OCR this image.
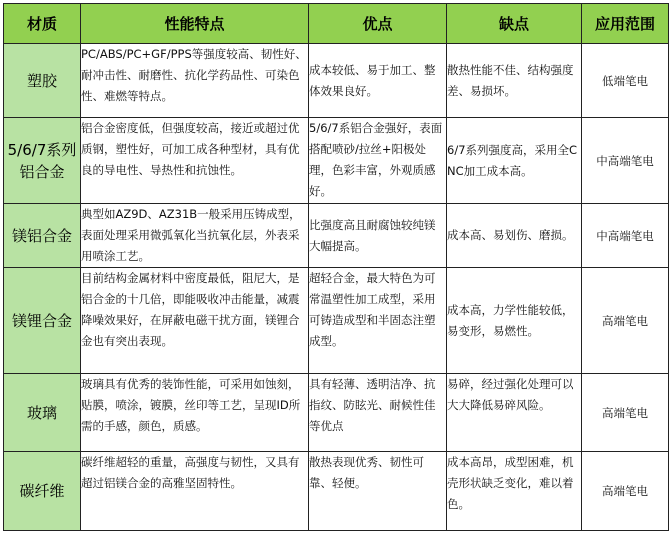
材质	性能特点	优点	缺点	应用范围
塑胶	PC/ABS/PC+GF/PPS等强度较高、韧性好、耐冲击性、耐磨性、抗化学药品性、可染色性、难燃等特点。	成本较低、易于加工、整体效果良好。	散热性能不佳、结构强度差、易损坏。	低端笔电
5/6/7系列铝合金	铝合金密度低，但强度较高，接近或超过优质钢，塑性好，可加工成各种型材，具有优良的导电性、导热性和抗蚀性。	5/6/7系铝合金强好，表面搭配喷砂/拉丝+阳极处理，色彩丰富，外观质感好。	6/7系列强度高，采用全CNC加工成本高。	中高端笔电
镁铝合金	典型如AZ9D、AZ31B一般采用压铸成型，表面处理采用微弧氧化当抗氧化层，外表采用喷涂工艺。	比强度高且耐腐蚀较纯镁大幅提高。	成本高、易划伤、磨损。	中高端笔电
镁锂合金	目前结构金属材料中密度最低，阻尼大，是铝合金的十几倍，即能吸收冲击能量，减震降噪效果好，在屏蔽电磁干扰方面，镁锂合金也有突出表现。	超轻合金，最大特色为可常温塑性加工成型，采用可铸造成型和半固态注塑成型。	成本高，力学性能较低，易变形，易燃性。	高端笔电
玻璃	玻璃具有优秀的装饰性能，可采用如蚀刻，贴膜，喷涂，镀膜，丝印等工艺，呈现ID所需的手感，颜色，质感。	具有轻薄、透明洁净、抗指纹、防眩光、耐候性佳等优点	易碎，经过强化处理可以大大降低易碎风险。	高端笔电
碳纤维	碳纤维超轻的重量，高强度与韧性，又具有超过铝镁合金的高雅坚固特性。	散热表现优秀、韧性可靠、轻便。	成本高昂，成型困难，机壳形状缺乏变化，难以着色。	高端笔电
